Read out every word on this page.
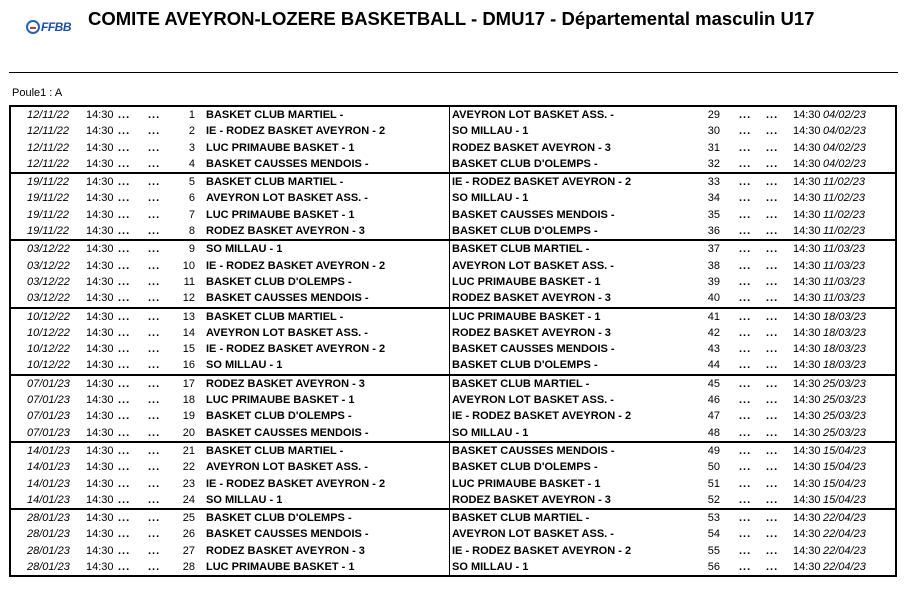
FFBB COMITE AVEYRON-LOZERE BASKETBALL - DMU17 - Départemental masculin U17
Poule1 : A
12/11/22 14:30 ... ...	1 BASKET CLUB MARTIEL -	AVEYRON LOT BASKET ASS. -	29 ... ... 14:30 04/02/23
12/11/22 14:30 ... ...	2 IE - RODEZ BASKET AVEYRON - 2	SO MILLAU - 1	30 ... ... 14:30 04/02/23
12/11/22 14:30 ... ...	3 LUC PRIMAUBE BASKET - 1	RODEZ BASKET AVEYRON - 3	31 ... ... 14:30 04/02/23
12/11/22 14:30 ... ...	4 BASKET CAUSSES MENDOIS -	BASKET CLUB D'OLEMPS -	32 ... ... 14:30 04/02/23
19/11/22 14:30 ... ...	5 BASKET CLUB MARTIEL -	IE - RODEZ BASKET AVEYRON - 2	33 ... ... 14:30 11/02/23
19/11/22 14:30 ... ...	6 AVEYRON LOT BASKET ASS. -	SO MILLAU - 1	34 ... ... 14:30 11/02/23
19/11/22 14:30 ... ...	7 LUC PRIMAUBE BASKET - 1	BASKET CAUSSES MENDOIS -	35 ... ... 14:30 11/02/23
19/11/22 14:30 ... ...	8 RODEZ BASKET AVEYRON - 3	BASKET CLUB D'OLEMPS -	36 ... ... 14:30 11/02/23
03/12/22 14:30 ... ...	9 SO MILLAU - 1	BASKET CLUB MARTIEL -	37 ... ... 14:30 11/03/23
03/12/22 14:30 ... ...	10 IE - RODEZ BASKET AVEYRON - 2	AVEYRON LOT BASKET ASS. -	38 ... ... 14:30 11/03/23
03/12/22 14:30 ... ...	11 BASKET CLUB D'OLEMPS -	LUC PRIMAUBE BASKET - 1	39 ... ... 14:30 11/03/23
03/12/22 14:30 ... ...	12 BASKET CAUSSES MENDOIS -	RODEZ BASKET AVEYRON - 3	40 ... ... 14:30 11/03/23
10/12/22 14:30 ... ...	13 BASKET CLUB MARTIEL -	LUC PRIMAUBE BASKET - 1	41 ... ... 14:30 18/03/23
10/12/22 14:30 ... ...	14 AVEYRON LOT BASKET ASS. -	RODEZ BASKET AVEYRON - 3	42 ... ... 14:30 18/03/23
10/12/22 14:30 ... ...	15 IE - RODEZ BASKET AVEYRON - 2	BASKET CAUSSES MENDOIS -	43 ... ... 14:30 18/03/23
10/12/22 14:30 ... ...	16 SO MILLAU - 1	BASKET CLUB D'OLEMPS -	44 ... ... 14:30 18/03/23
07/01/23 14:30 ... ...	17 RODEZ BASKET AVEYRON - 3	BASKET CLUB MARTIEL -	45 ... ... 14:30 25/03/23
07/01/23 14:30 ... ...	18 LUC PRIMAUBE BASKET - 1	AVEYRON LOT BASKET ASS. -	46 ... ... 14:30 25/03/23
07/01/23 14:30 ... ...	19 BASKET CLUB D'OLEMPS -	IE - RODEZ BASKET AVEYRON - 2	47 ... ... 14:30 25/03/23
07/01/23 14:30 ... ...	20 BASKET CAUSSES MENDOIS -	SO MILLAU - 1	48 ... ... 14:30 25/03/23
14/01/23 14:30 ... ...	21 BASKET CLUB MARTIEL -	BASKET CAUSSES MENDOIS -	49 ... ... 14:30 15/04/23
14/01/23 14:30 ... ...	22 AVEYRON LOT BASKET ASS. -	BASKET CLUB D'OLEMPS -	50 ... ... 14:30 15/04/23
14/01/23 14:30 ... ...	23 IE - RODEZ BASKET AVEYRON - 2	LUC PRIMAUBE BASKET - 1	51 ... ... 14:30 15/04/23
14/01/23 14:30 ... ...	24 SO MILLAU - 1	RODEZ BASKET AVEYRON - 3	52 ... ... 14:30 15/04/23
28/01/23 14:30 ... ...	25 BASKET CLUB D'OLEMPS -	BASKET CLUB MARTIEL -	53 ... ... 14:30 22/04/23
28/01/23 14:30 ... ...	26 BASKET CAUSSES MENDOIS -	AVEYRON LOT BASKET ASS. -	54 ... ... 14:30 22/04/23
28/01/23 14:30 ... ...	27 RODEZ BASKET AVEYRON - 3	IE - RODEZ BASKET AVEYRON - 2	55 ... ... 14:30 22/04/23
28/01/23 14:30 ... ...	28 LUC PRIMAUBE BASKET - 1	SO MILLAU - 1	56 ... ... 14:30 22/04/23
